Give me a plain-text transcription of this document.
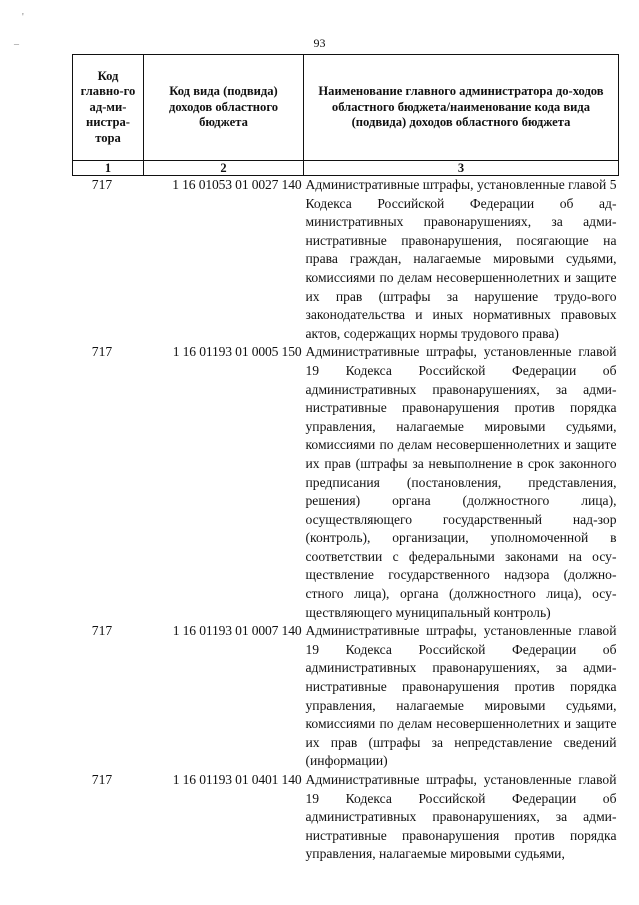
93
'
¯
Код главно-го ад-ми-нистра-тора	Код вида (подвида) доходов областного бюджета	Наименование главного администратора до-ходов областного бюджета/наименование кода вида (подвида) доходов областного бюджета
1	2	3
717	1 16 01053 01 0027 140	Административные штрафы, установленные главой 5 Кодекса Российской Федерации об ад-министративных правонарушениях, за адми-нистративные правонарушения, посягающие на права граждан, налагаемые мировыми судьями, комиссиями по делам несовершеннолетних и защите их прав (штрафы за нарушение трудо-вого законодательства и иных нормативных правовых актов, содержащих нормы трудового права)
717	1 16 01193 01 0005 150	Административные штрафы, установленные главой 19 Кодекса Российской Федерации об административных правонарушениях, за адми-нистративные правонарушения против порядка управления, налагаемые мировыми судьями, комиссиями по делам несовершеннолетних и защите их прав (штрафы за невыполнение в срок законного предписания (постановления, представления, решения) органа (должностного лица), осуществляющего государственный над-зор (контроль), организации, уполномоченной в соответствии с федеральными законами на осу-ществление государственного надзора (должно-стного лица), органа (должностного лица), осу-ществляющего муниципальный контроль)
717	1 16 01193 01 0007 140	Административные штрафы, установленные главой 19 Кодекса Российской Федерации об административных правонарушениях, за адми-нистративные правонарушения против порядка управления, налагаемые мировыми судьями, комиссиями по делам несовершеннолетних и защите их прав (штрафы за непредставление сведений (информации)
717	1 16 01193 01 0401 140	Административные штрафы, установленные главой 19 Кодекса Российской Федерации об административных правонарушениях, за адми-нистративные правонарушения против порядка управления, налагаемые мировыми судьями,
